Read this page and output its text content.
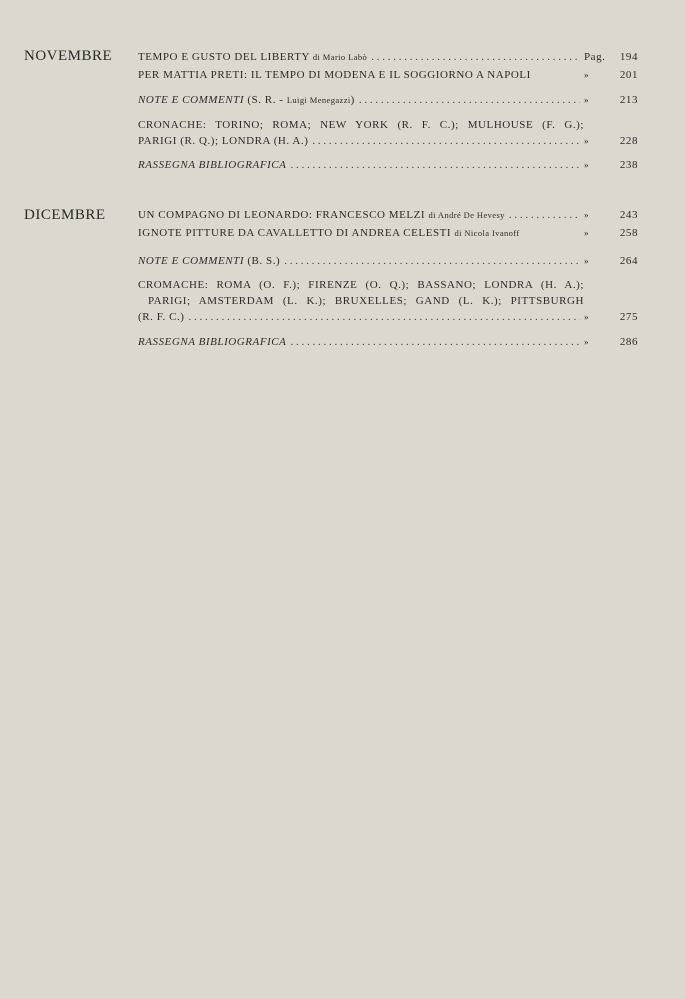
NOVEMBRE	TEMPO E GUSTO DEL LIBERTY di Mario Labò . . .	Pag. 194
PER MATTIA PRETI: IL TEMPO DI MODENA E IL SOGGIORNO A NAPOLI	»	201
NOTE E COMMENTI (S. R. - Luigi Menegazzi) . . .	»	213
CRONACHE: TORINO; ROMA; NEW YORK (R. F. C.); MULHOUSE (F. G.);
PARIGI (R. Q.); LONDRA (H. A.) . . .	»	228
RASSEGNA BIBLIOGRAFICA . . .	»	238
DICEMBRE	UN COMPAGNO DI LEONARDO: FRANCESCO MELZI di André De Hevesy . . .	»	243
IGNOTE PITTURE DA CAVALLETTO DI ANDREA CELESTI di Nicola Ivanoff	»	258
NOTE E COMMENTI (B. S.) . . .	»	264
CROMACHE: ROMA (O. F.); FIRENZE (O. Q.); BASSANO; LONDRA (H. A.);
PARIGI; AMSTERDAM (L. K.); BRUXELLES; GAND (L. K.); PITTSBURGH
(R. F. C.) . . .	»	275
RASSEGNA BIBLIOGRAFICA . . .	»	286
